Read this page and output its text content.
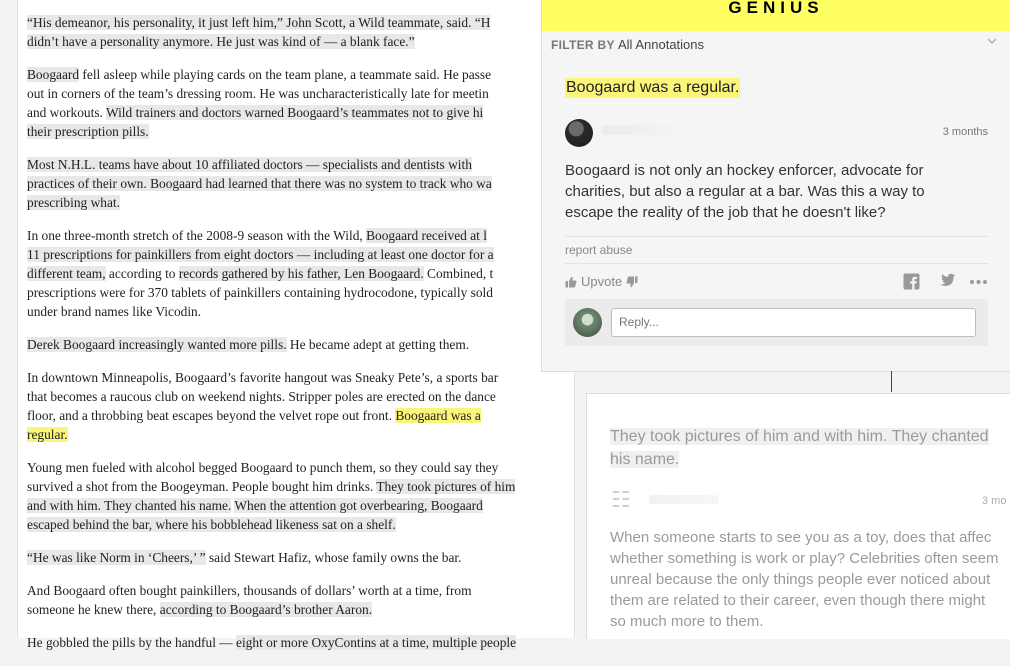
“His demeanor, his personality, it just left him,” John Scott, a Wild teammate, said. “H
didn’t have a personality anymore. He just was kind of — a blank face.”

Boogaard fell asleep while playing cards on the team plane, a teammate said. He passe
out in corners of the team’s dressing room. He was uncharacteristically late for meetin
and workouts. Wild trainers and doctors warned Boogaard’s teammates not to give hi
their prescription pills.

Most N.H.L. teams have about 10 affiliated doctors — specialists and dentists with
practices of their own. Boogaard had learned that there was no system to track who wa
prescribing what.

In one three-month stretch of the 2008-9 season with the Wild, Boogaard received at l
11 prescriptions for painkillers from eight doctors — including at least one doctor for a
different team, according to records gathered by his father, Len Boogaard. Combined, t
prescriptions were for 370 tablets of painkillers containing hydrocodone, typically sold
under brand names like Vicodin.

Derek Boogaard increasingly wanted more pills. He became adept at getting them.

In downtown Minneapolis, Boogaard’s favorite hangout was Sneaky Pete’s, a sports bar
that becomes a raucous club on weekend nights. Stripper poles are erected on the dance
floor, and a throbbing beat escapes beyond the velvet rope out front. Boogaard was a
regular.

Young men fueled with alcohol begged Boogaard to punch them, so they could say they
survived a shot from the Boogeyman. People bought him drinks. They took pictures of him
and with him. They chanted his name. When the attention got overbearing, Boogaard
escaped behind the bar, where his bobblehead likeness sat on a shelf.

“He was like Norm in ‘Cheers,’ ” said Stewart Hafiz, whose family owns the bar.

And Boogaard often bought painkillers, thousands of dollars’ worth at a time, from
someone he knew there, according to Boogaard’s brother Aaron.

He gobbled the pills by the handful — eight or more OxyContins at a time, multiple people

GENIUS
FILTER BY All Annotations
Boogaard was a regular.
3 months
Boogaard is not only an hockey enforcer, advocate for
charities, but also a regular at a bar. Was this a way to
escape the reality of the job that he doesn't like?
report abuse
Upvote
Reply...
They took pictures of him and with him. They chanted his name.
☷	3 mo
When someone starts to see you as a toy, does that affec
whether something is work or play? Celebrities often seem
unreal because the only things people ever noticed about
them are related to their career, even though there might
so much more to them.
